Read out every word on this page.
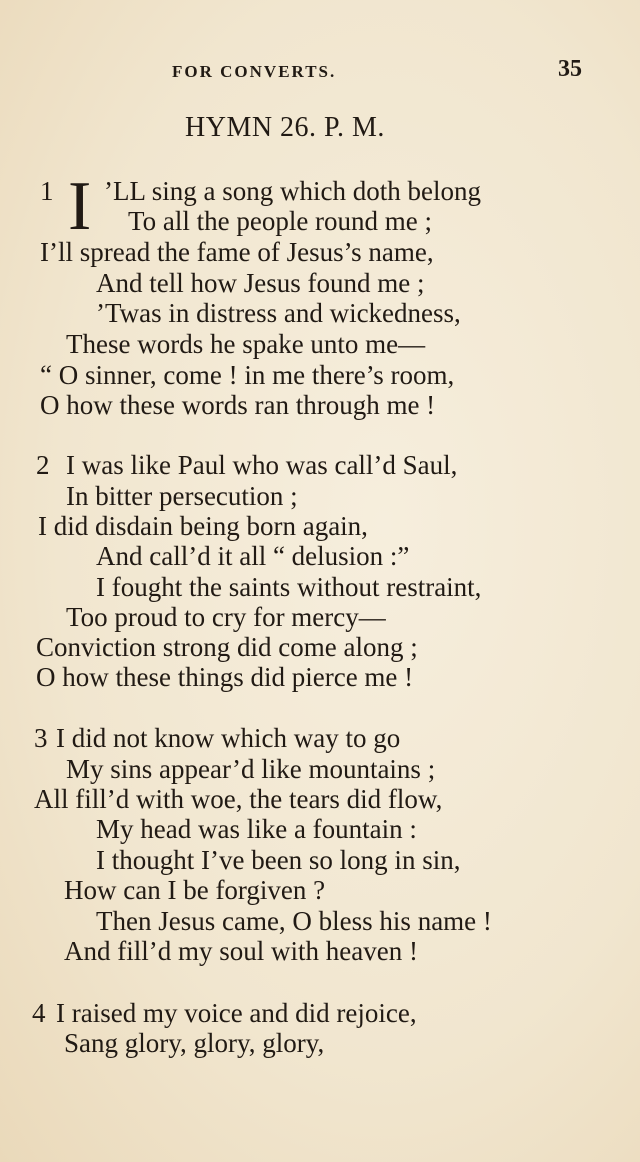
FOR CONVERTS.	35
HYMN 26. P. M.
1 I ’LL sing a song which doth belong
To all the people round me ;
I’ll spread the fame of Jesus’s name,
And tell how Jesus found me ;
’Twas in distress and wickedness,
These words he spake unto me—
“ O sinner, come ! in me there’s room,
O how these words ran through me !
2 I was like Paul who was call’d Saul,
In bitter persecution ;
I did disdain being born again,
And call’d it all “ delusion :”
I fought the saints without restraint,
Too proud to cry for mercy—
Conviction strong did come along ;
O how these things did pierce me !
3 I did not know which way to go
My sins appear’d like mountains ;
All fill’d with woe, the tears did flow,
My head was like a fountain :
I thought I’ve been so long in sin,
How can I be forgiven ?
Then Jesus came, O bless his name !
And fill’d my soul with heaven !
4 I raised my voice and did rejoice,
Sang glory, glory, glory,
